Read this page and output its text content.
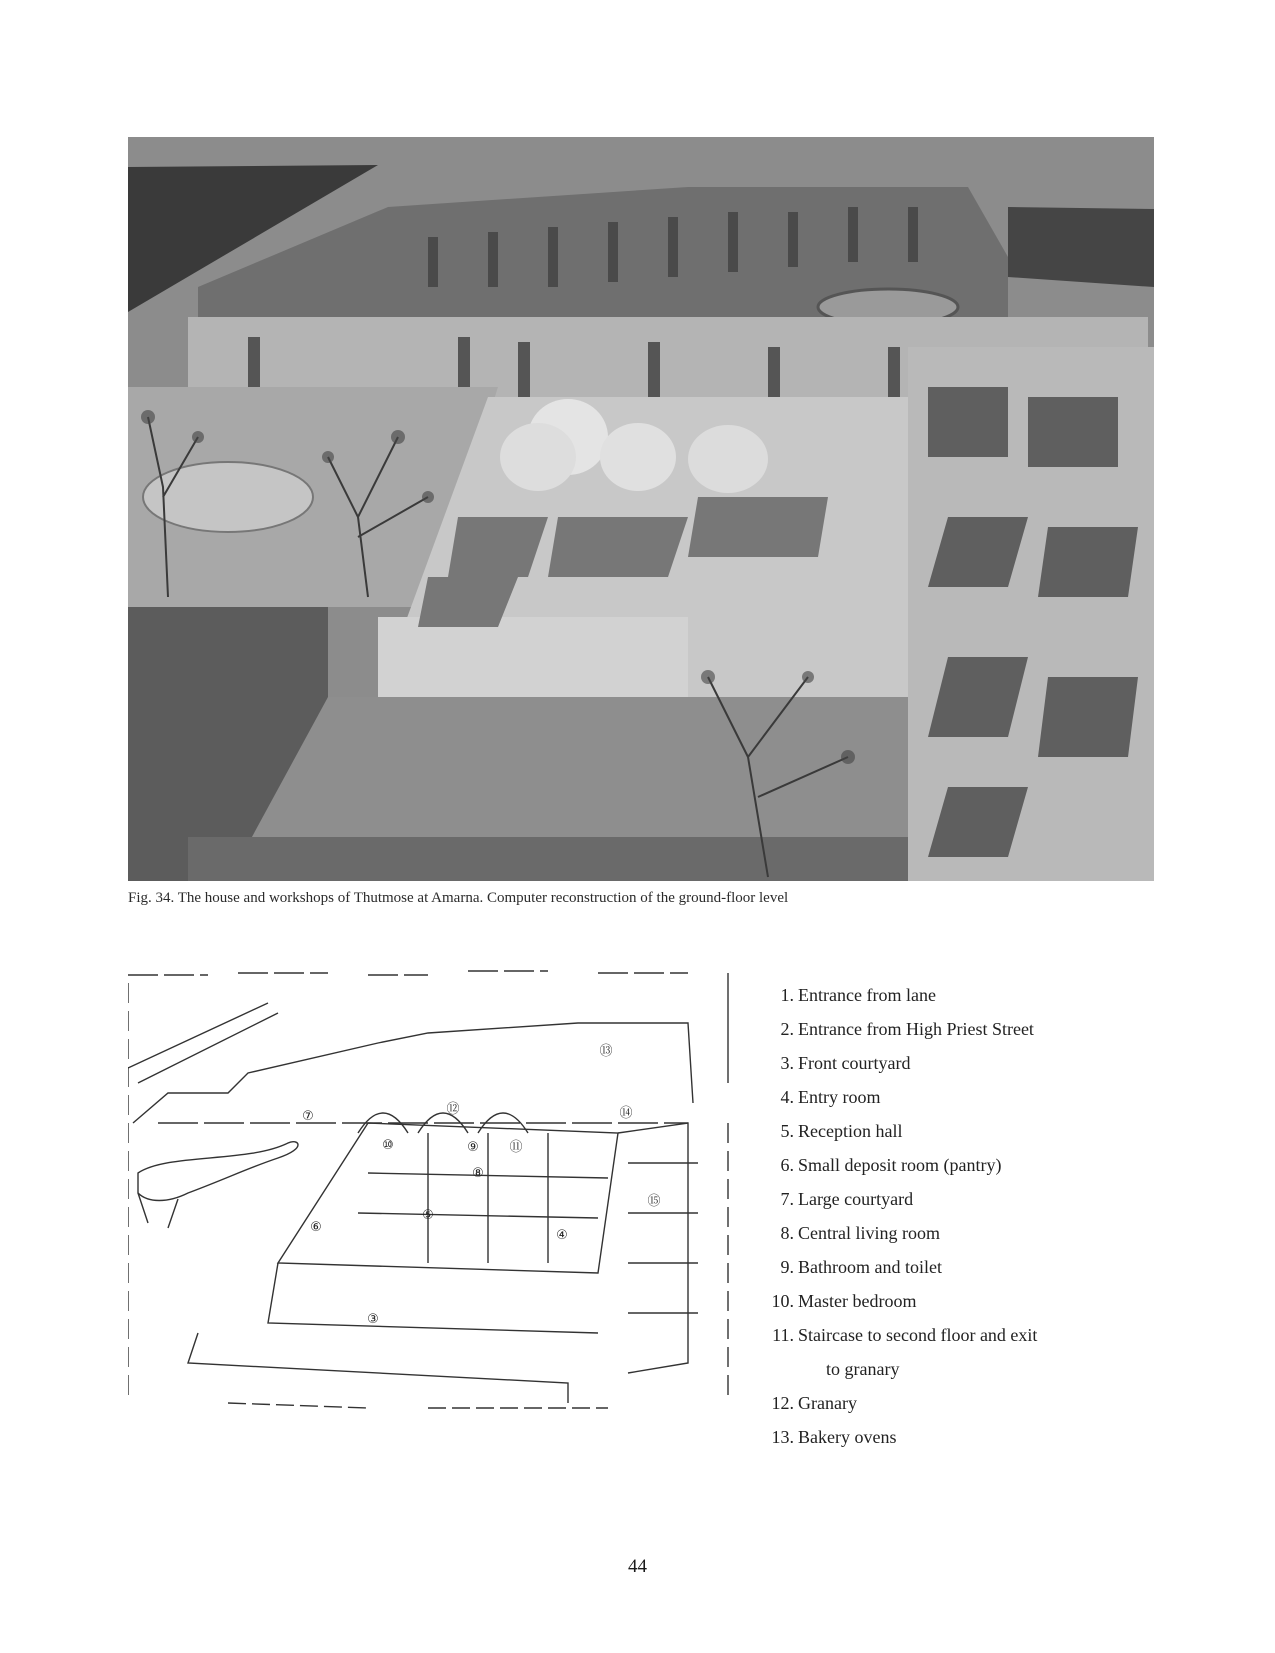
Fig. 34. The house and workshops of Thutmose at Amarna. Computer reconstruction of the ground-floor level
⑦	⑫
⑬
⑭
⑩	⑨ ⑪
⑧
⑮
⑤
⑥
④
③
1. Entrance from lane
2. Entrance from High Priest Street
3. Front courtyard
4. Entry room
5. Reception hall
6. Small deposit room (pantry)
7. Large courtyard
8. Central living room
9. Bathroom and toilet
10. Master bedroom
11. Staircase to second floor and exit
to granary
12. Granary
13. Bakery ovens
44
